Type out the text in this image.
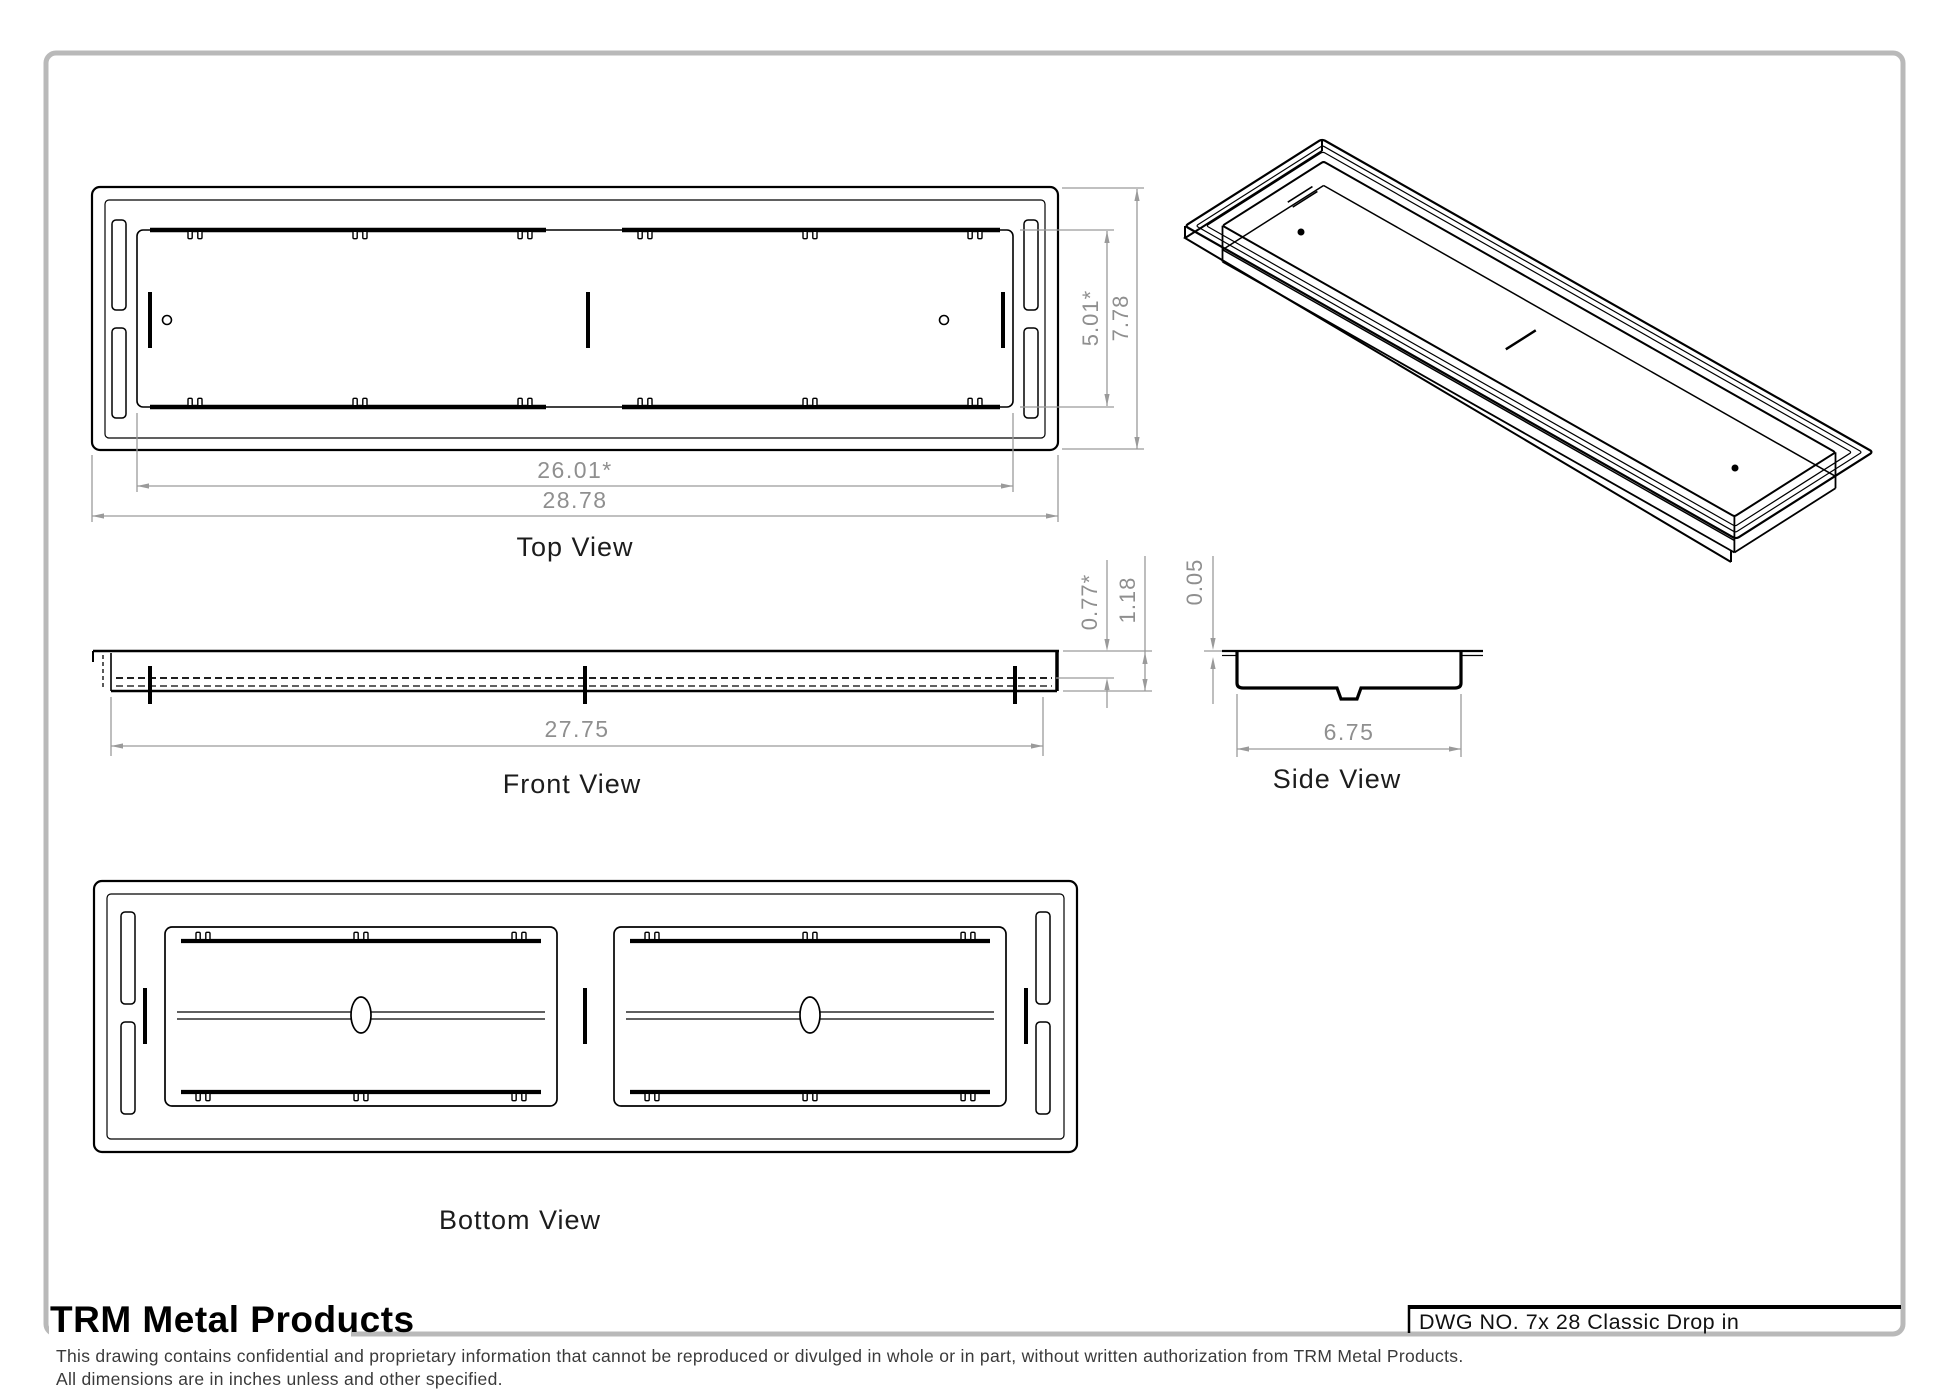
26.01*
28.78
5.01* 7.78
Top View
27.75
0.77* 1.18
Front View
6.75
0.05
Side View
Bottom View
TRM Metal Products	DWG NO. 7x 28 Classic Drop in
This drawing contains confidential and proprietary information that cannot be reproduced or divulged in whole or in part, without written authorization from TRM Metal Products.
All dimensions are in inches unless and other specified.
